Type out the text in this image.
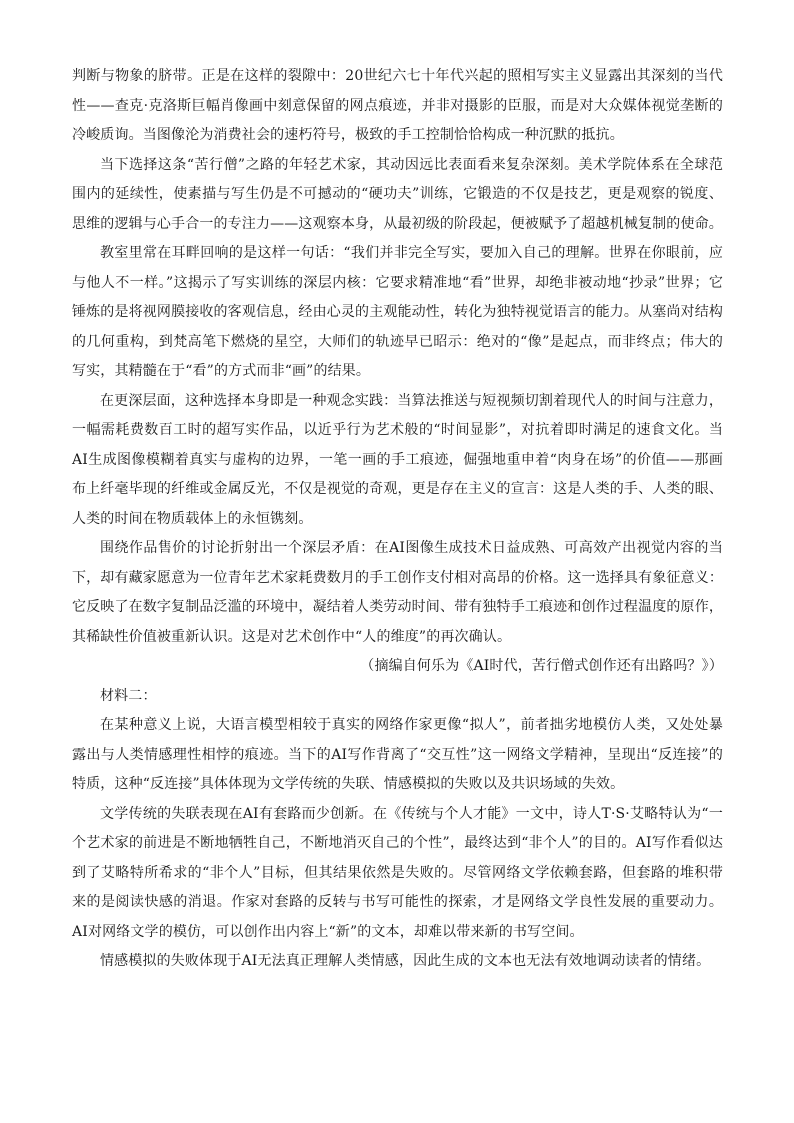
判断与物象的脐带。正是在这样的裂隙中：20世纪六七十年代兴起的照相写实主义显露出其深刻的当代性——查克·克洛斯巨幅肖像画中刻意保留的网点痕迹，并非对摄影的臣服，而是对大众媒体视觉垄断的冷峻质询。当图像沦为消费社会的速朽符号，极致的手工控制恰恰构成一种沉默的抵抗。

当下选择这条“苦行僧”之路的年轻艺术家，其动因远比表面看来复杂深刻。美术学院体系在全球范围内的延续性，使素描与写生仍是不可撼动的“硬功夫”训练，它锻造的不仅是技艺，更是观察的锐度、思维的逻辑与心手合一的专注力——这观察本身，从最初级的阶段起，便被赋予了超越机械复制的使命。

教室里常在耳畔回响的是这样一句话：“我们并非完全写实，要加入自己的理解。世界在你眼前，应与他人不一样。”这揭示了写实训练的深层内核：它要求精准地“看”世界，却绝非被动地“抄录”世界；它锤炼的是将视网膜接收的客观信息，经由心灵的主观能动性，转化为独特视觉语言的能力。从塞尚对结构的几何重构，到梵高笔下燃烧的星空，大师们的轨迹早已昭示：绝对的“像”是起点，而非终点；伟大的写实，其精髓在于“看”的方式而非“画”的结果。

在更深层面，这种选择本身即是一种观念实践：当算法推送与短视频切割着现代人的时间与注意力，一幅需耗费数百工时的超写实作品，以近乎行为艺术般的“时间显影”，对抗着即时满足的速食文化。当AI生成图像模糊着真实与虚构的边界，一笔一画的手工痕迹，倔强地重申着“肉身在场”的价值——那画布上纤毫毕现的纤维或金属反光，不仅是视觉的奇观，更是存在主义的宣言：这是人类的手、人类的眼、人类的时间在物质载体上的永恒镌刻。

围绕作品售价的讨论折射出一个深层矛盾：在AI图像生成技术日益成熟、可高效产出视觉内容的当下，却有藏家愿意为一位青年艺术家耗费数月的手工创作支付相对高昂的价格。这一选择具有象征意义：它反映了在数字复制品泛滥的环境中，凝结着人类劳动时间、带有独特手工痕迹和创作过程温度的原作，其稀缺性价值被重新认识。这是对艺术创作中“人的维度”的再次确认。

（摘编自何乐为《AI时代，苦行僧式创作还有出路吗？》）

材料二：

在某种意义上说，大语言模型相较于真实的网络作家更像“拟人”，前者拙劣地模仿人类，又处处暴露出与人类情感理性相悖的痕迹。当下的AI写作背离了“交互性”这一网络文学精神，呈现出“反连接”的特质，这种“反连接”具体体现为文学传统的失联、情感模拟的失败以及共识场域的失效。

文学传统的失联表现在AI有套路而少创新。在《传统与个人才能》一文中，诗人T·S·艾略特认为“一个艺术家的前进是不断地牺牲自己，不断地消灭自己的个性”，最终达到“非个人”的目的。AI写作看似达到了艾略特所希求的“非个人”目标，但其结果依然是失败的。尽管网络文学依赖套路，但套路的堆积带来的是阅读快感的消退。作家对套路的反转与书写可能性的探索，才是网络文学良性发展的重要动力。AI对网络文学的模仿，可以创作出内容上“新”的文本，却难以带来新的书写空间。

情感模拟的失败体现于AI无法真正理解人类情感，因此生成的文本也无法有效地调动读者的情绪。
